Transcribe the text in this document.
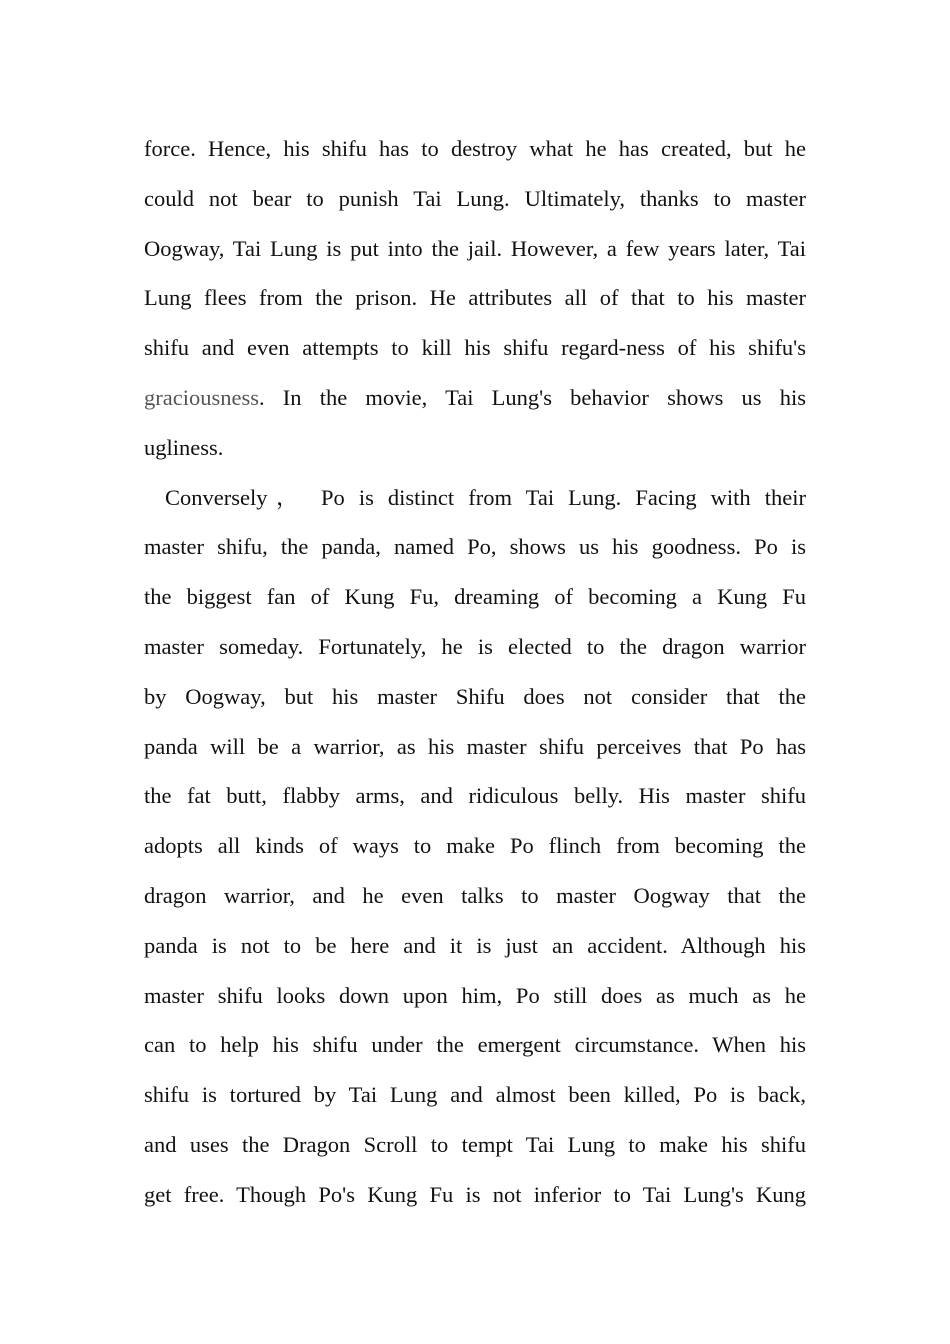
force. Hence, his shifu has to destroy what he has created, but he
could not bear to punish Tai Lung. Ultimately, thanks to master
Oogway, Tai Lung is put into the jail. However, a few years later, Tai
Lung flees from the prison. He attributes all of that to his master
shifu and even attempts to kill his shifu regard-ness of his shifu's
graciousness. In the movie, Tai Lung's behavior shows us his
ugliness.
Conversely， Po is distinct from Tai Lung. Facing with their
master shifu, the panda, named Po, shows us his goodness. Po is
the biggest fan of Kung Fu, dreaming of becoming a Kung Fu
master someday. Fortunately, he is elected to the dragon warrior
by Oogway, but his master Shifu does not consider that the
panda will be a warrior, as his master shifu perceives that Po has
the fat butt, flabby arms, and ridiculous belly. His master shifu
adopts all kinds of ways to make Po flinch from becoming the
dragon warrior, and he even talks to master Oogway that the
panda is not to be here and it is just an accident. Although his
master shifu looks down upon him, Po still does as much as he
can to help his shifu under the emergent circumstance. When his
shifu is tortured by Tai Lung and almost been killed, Po is back,
and uses the Dragon Scroll to tempt Tai Lung to make his shifu
get free. Though Po's Kung Fu is not inferior to Tai Lung's Kung
